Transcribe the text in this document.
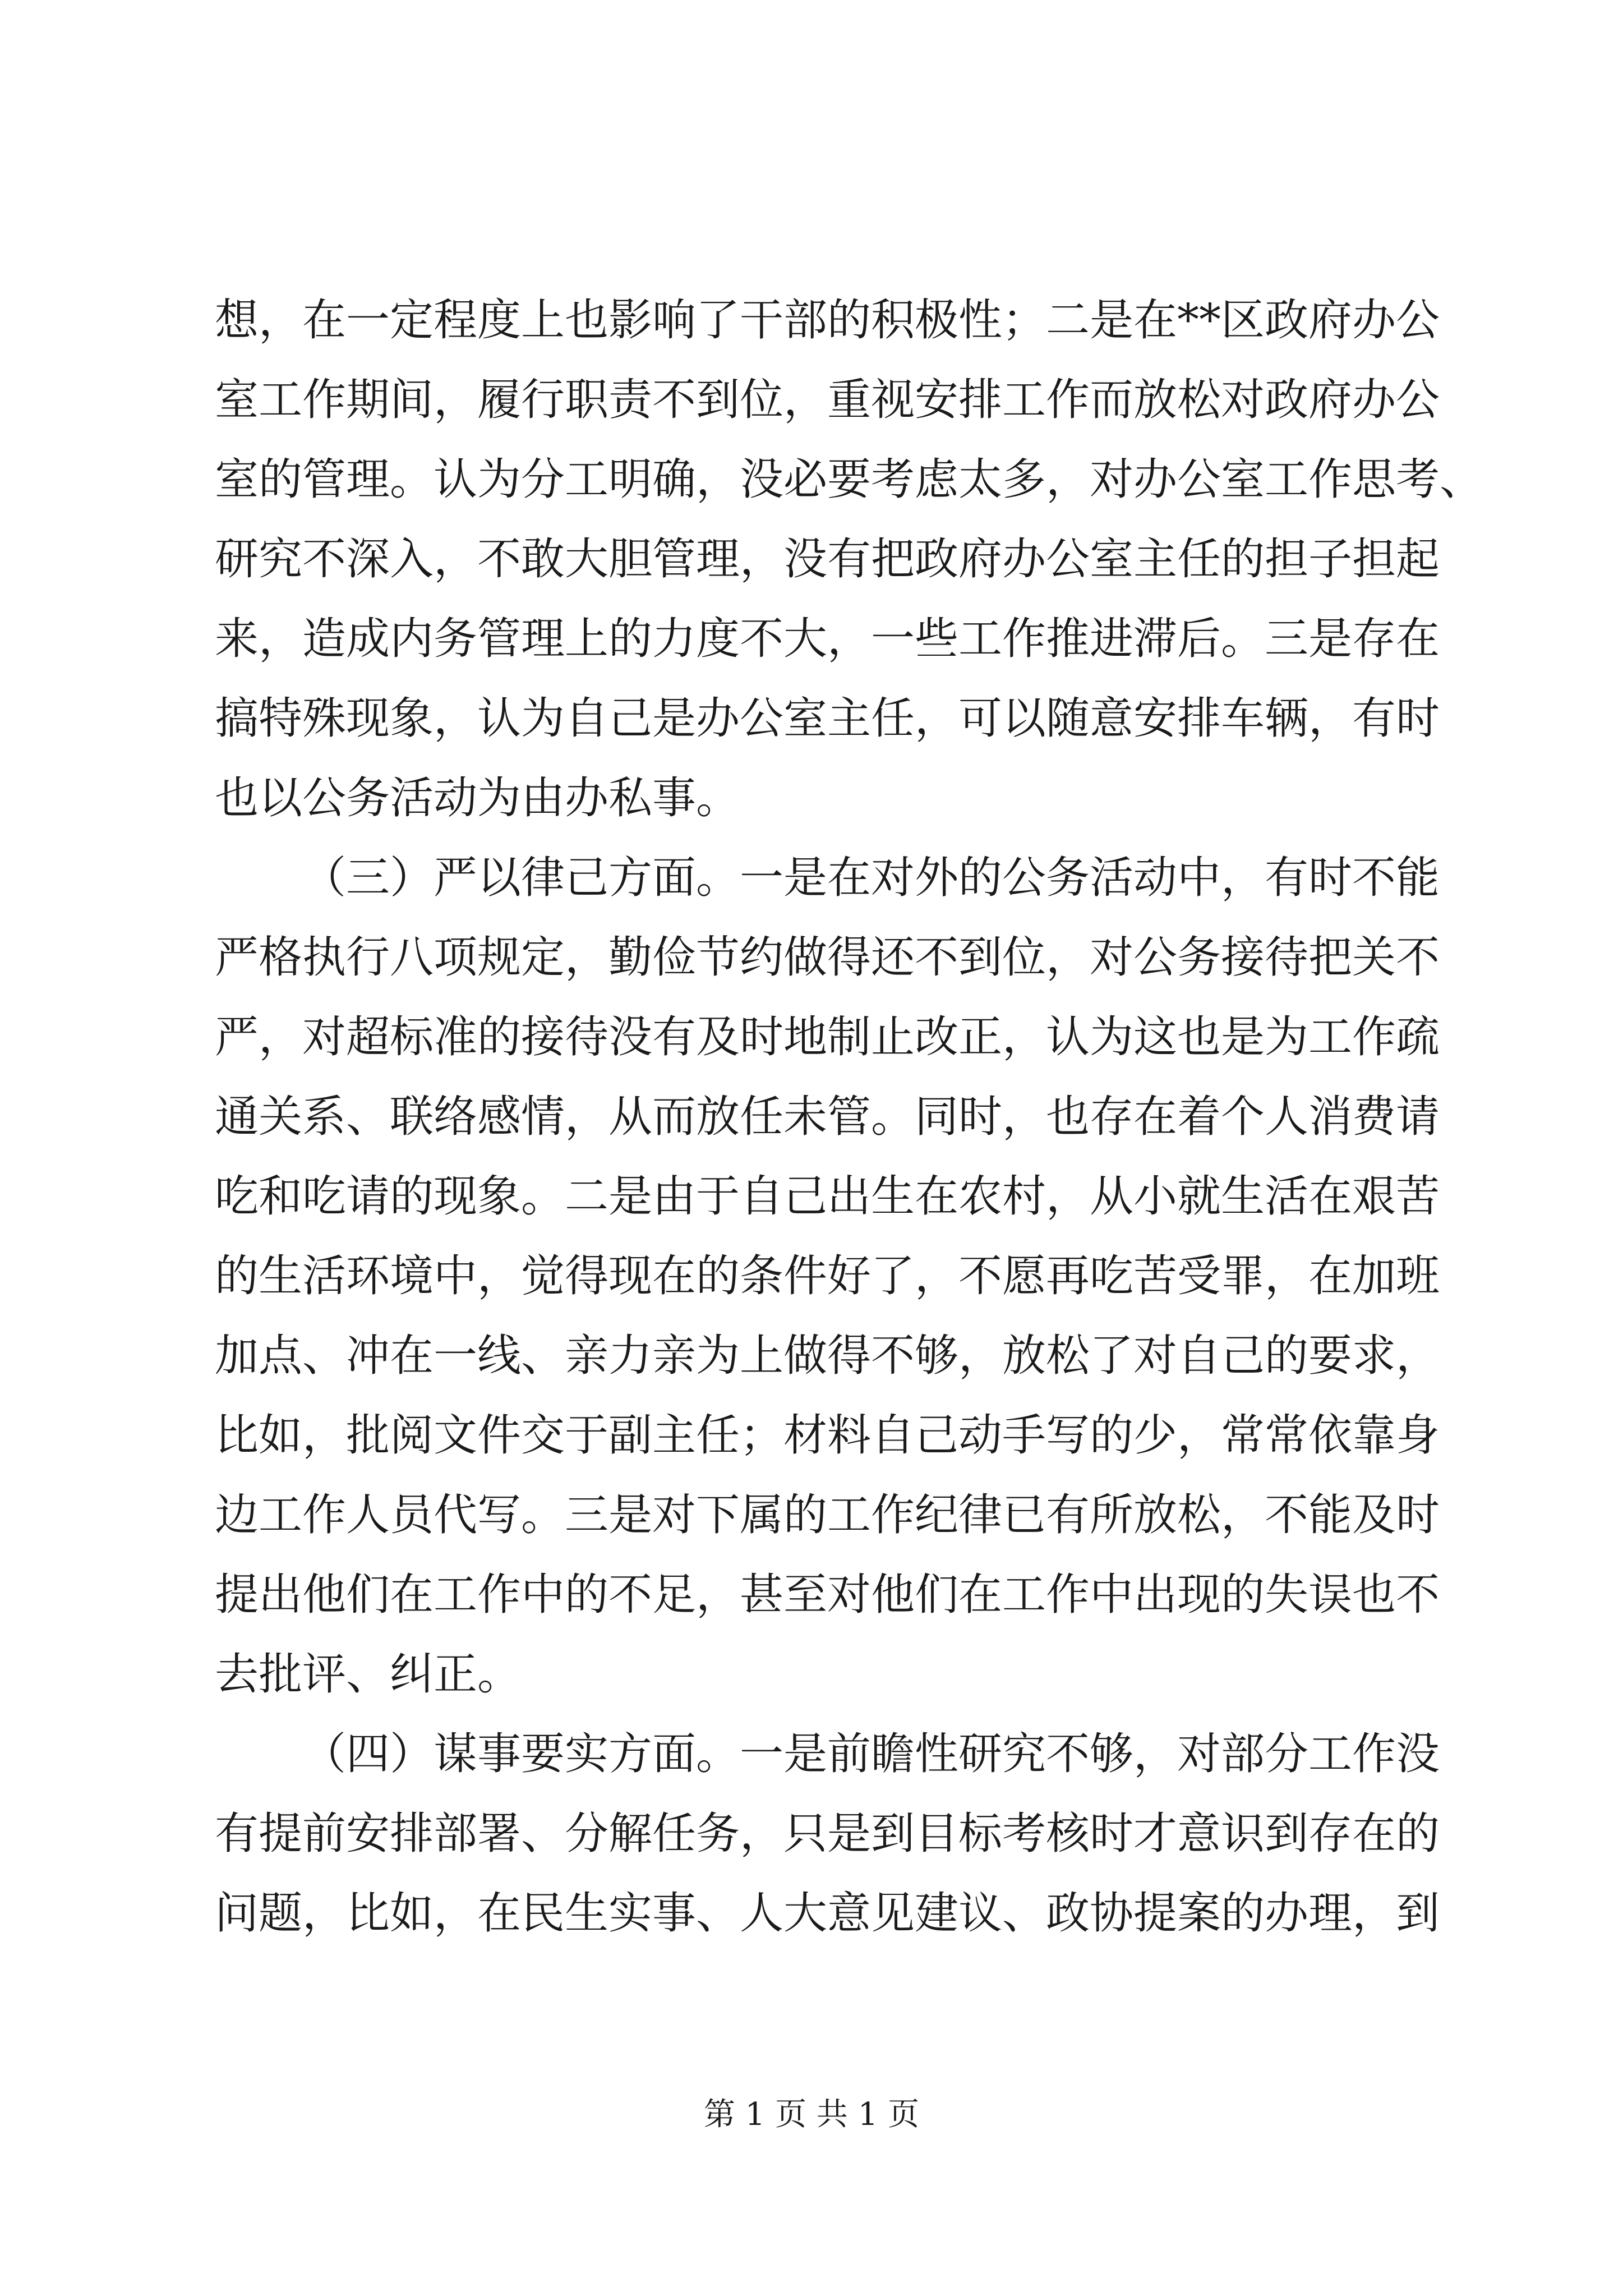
想，在一定程度上也影响了干部的积极性；二是在**区政府办公
室工作期间，履行职责不到位，重视安排工作而放松对政府办公
室的管理。认为分工明确，没必要考虑太多，对办公室工作思考、
研究不深入，不敢大胆管理，没有把政府办公室主任的担子担起
来，造成内务管理上的力度不大，一些工作推进滞后。三是存在
搞特殊现象，认为自己是办公室主任，可以随意安排车辆，有时
也以公务活动为由办私事。
（三）严以律己方面。一是在对外的公务活动中，有时不能
严格执行八项规定，勤俭节约做得还不到位，对公务接待把关不
严，对超标准的接待没有及时地制止改正，认为这也是为工作疏
通关系、联络感情，从而放任未管。同时，也存在着个人消费请
吃和吃请的现象。二是由于自己出生在农村，从小就生活在艰苦
的生活环境中，觉得现在的条件好了，不愿再吃苦受罪，在加班
加点、冲在一线、亲力亲为上做得不够，放松了对自己的要求，
比如，批阅文件交于副主任；材料自己动手写的少，常常依靠身
边工作人员代写。三是对下属的工作纪律已有所放松，不能及时
提出他们在工作中的不足，甚至对他们在工作中出现的失误也不
去批评、纠正。
（四）谋事要实方面。一是前瞻性研究不够，对部分工作没
有提前安排部署、分解任务，只是到目标考核时才意识到存在的
问题，比如，在民生实事、人大意见建议、政协提案的办理，到
第 1 页 共 1 页
